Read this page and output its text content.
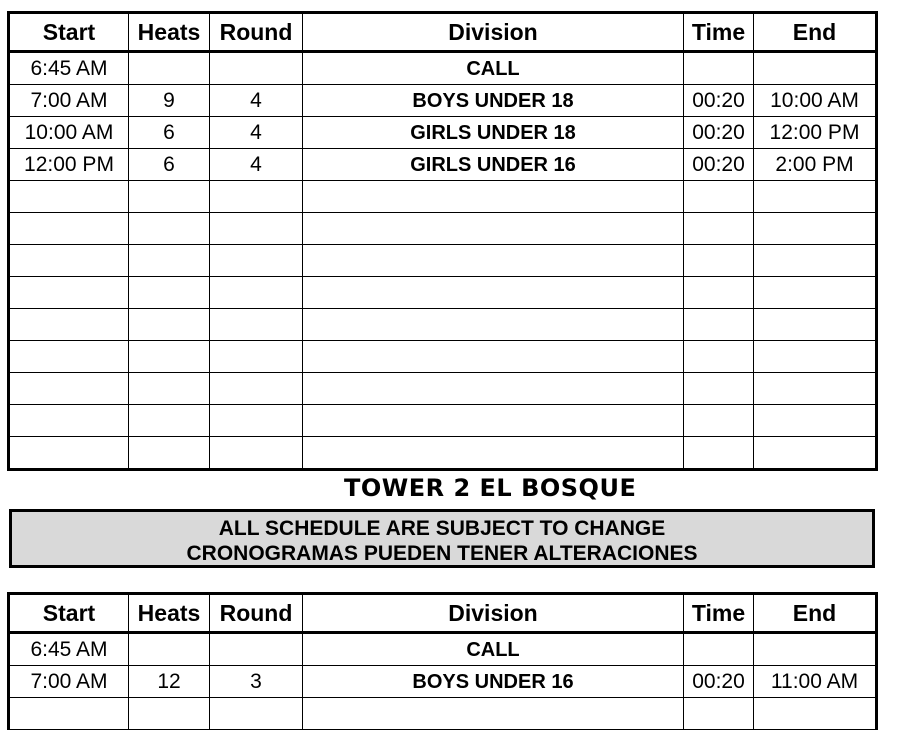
Start	Heats	Round	Division	Time	End
6:45 AM			CALL		
7:00 AM	9	4	BOYS UNDER 18	00:20	10:00 AM
10:00 AM	6	4	GIRLS UNDER 18	00:20	12:00 PM
12:00 PM	6	4	GIRLS UNDER 16	00:20	2:00 PM

TOWER 2 EL BOSQUE
ALL SCHEDULE ARE SUBJECT TO CHANGE
CRONOGRAMAS PUEDEN TENER ALTERACIONES
Start	Heats	Round	Division	Time	End
6:45 AM			CALL		
7:00 AM	12	3	BOYS UNDER 16	00:20	11:00 AM
